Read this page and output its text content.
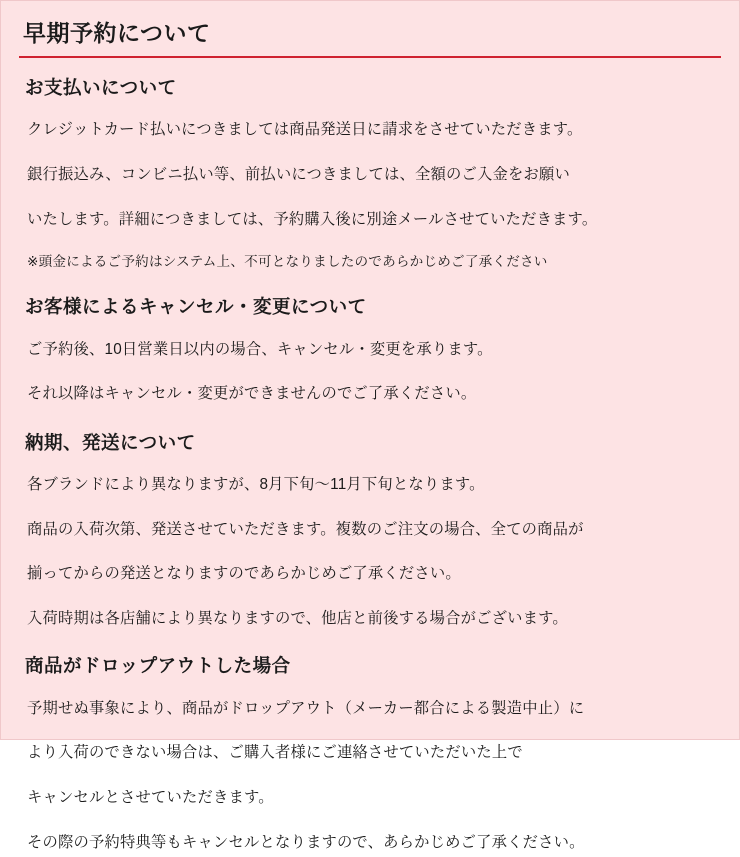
早期予約について
お支払いについて

クレジットカード払いにつきましては商品発送日に請求をさせていただきます。

銀行振込み、コンビニ払い等、前払いにつきましては、全額のご入金をお願い

いたします。詳細につきましては、予約購入後に別途メールさせていただきます。

※頭金によるご予約はシステム上、不可となりましたのであらかじめご了承ください

お客様によるキャンセル・変更について

ご予約後、10日営業日以内の場合、キャンセル・変更を承ります。

それ以降はキャンセル・変更ができませんのでご了承ください。

納期、発送について

各ブランドにより異なりますが、8月下旬〜11月下旬となります。

商品の入荷次第、発送させていただきます。複数のご注文の場合、全ての商品が

揃ってからの発送となりますのであらかじめご了承ください。

入荷時期は各店舗により異なりますので、他店と前後する場合がございます。

商品がドロップアウトした場合

予期せぬ事象により、商品がドロップアウト（メーカー都合による製造中止）に

より入荷のできない場合は、ご購入者様にご連絡させていただいた上で

キャンセルとさせていただきます。

その際の予約特典等もキャンセルとなりますので、あらかじめご了承ください。
